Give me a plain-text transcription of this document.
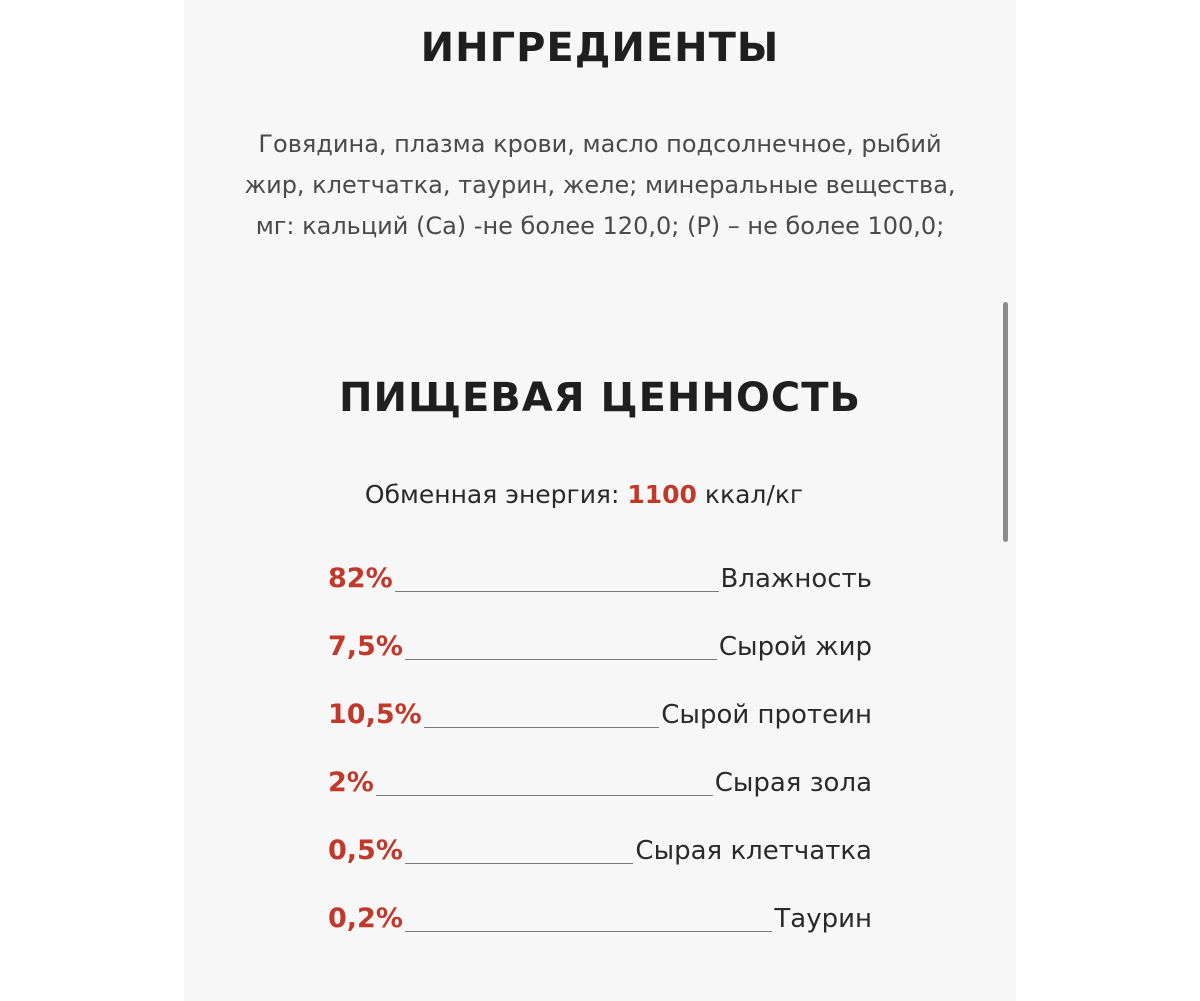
ИНГРЕДИЕНТЫ
Говядина, плазма крови, масло подсолнечное, рыбий
жир, клетчатка, таурин, желе; минеральные вещества,
мг: кальций (Ca) -не более 120,0; (P) – не более 100,0;
ПИЩЕВАЯ ЦЕННОСТЬ
Обменная энергия: 1100 ккал/кг
82%	Влажность
7,5%	Сырой жир
10,5%	Сырой протеин
2%	Сырая зола
0,5%	Сырая клетчатка
0,2%	Таурин
